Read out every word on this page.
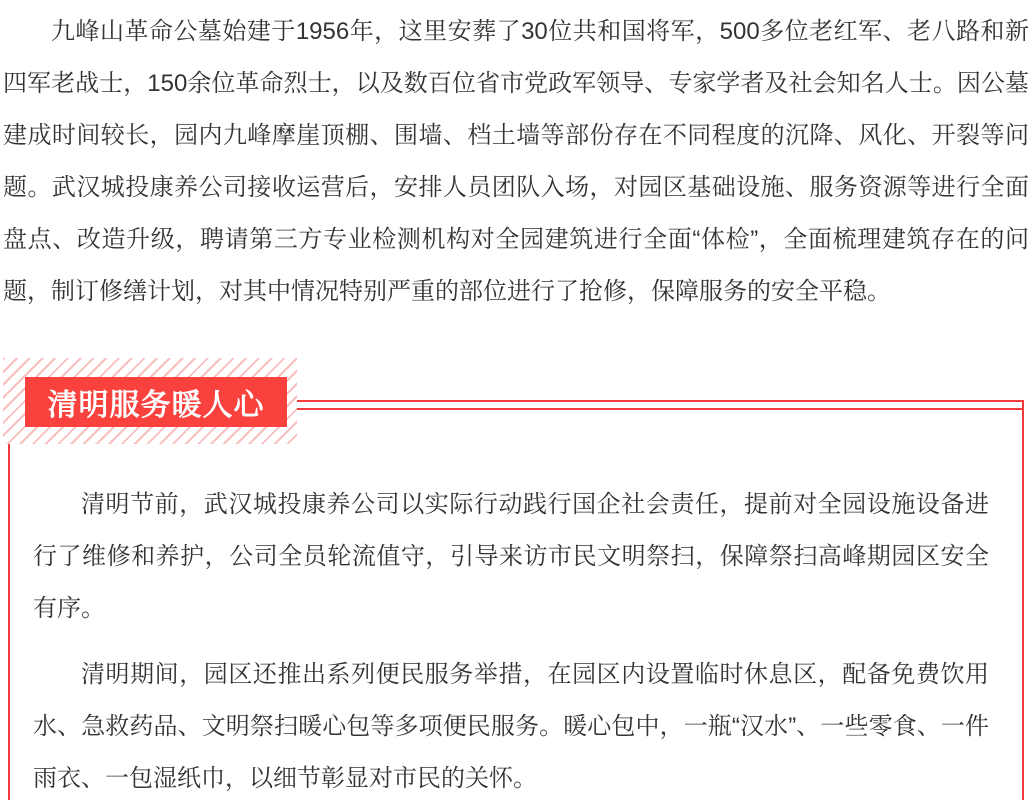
九峰山革命公墓始建于1956年，这里安葬了30位共和国将军，500多位老红军、老八路和新四军老战士，150余位革命烈士，以及数百位省市党政军领导、专家学者及社会知名人士。因公墓建成时间较长，园内九峰摩崖顶棚、围墙、档土墙等部份存在不同程度的沉降、风化、开裂等问题。武汉城投康养公司接收运营后，安排人员团队入场，对园区基础设施、服务资源等进行全面盘点、改造升级，聘请第三方专业检测机构对全园建筑进行全面“体检”，全面梳理建筑存在的问题，制订修缮计划，对其中情况特别严重的部位进行了抢修，保障服务的安全平稳。

清明服务暖人心

清明节前，武汉城投康养公司以实际行动践行国企社会责任，提前对全园设施设备进行了维修和养护，公司全员轮流值守，引导来访市民文明祭扫，保障祭扫高峰期园区安全有序。

清明期间，园区还推出系列便民服务举措，在园区内设置临时休息区，配备免费饮用水、急救药品、文明祭扫暖心包等多项便民服务。暖心包中，一瓶“汉水”、一些零食、一件雨衣、一包湿纸巾，以细节彰显对市民的关怀。
